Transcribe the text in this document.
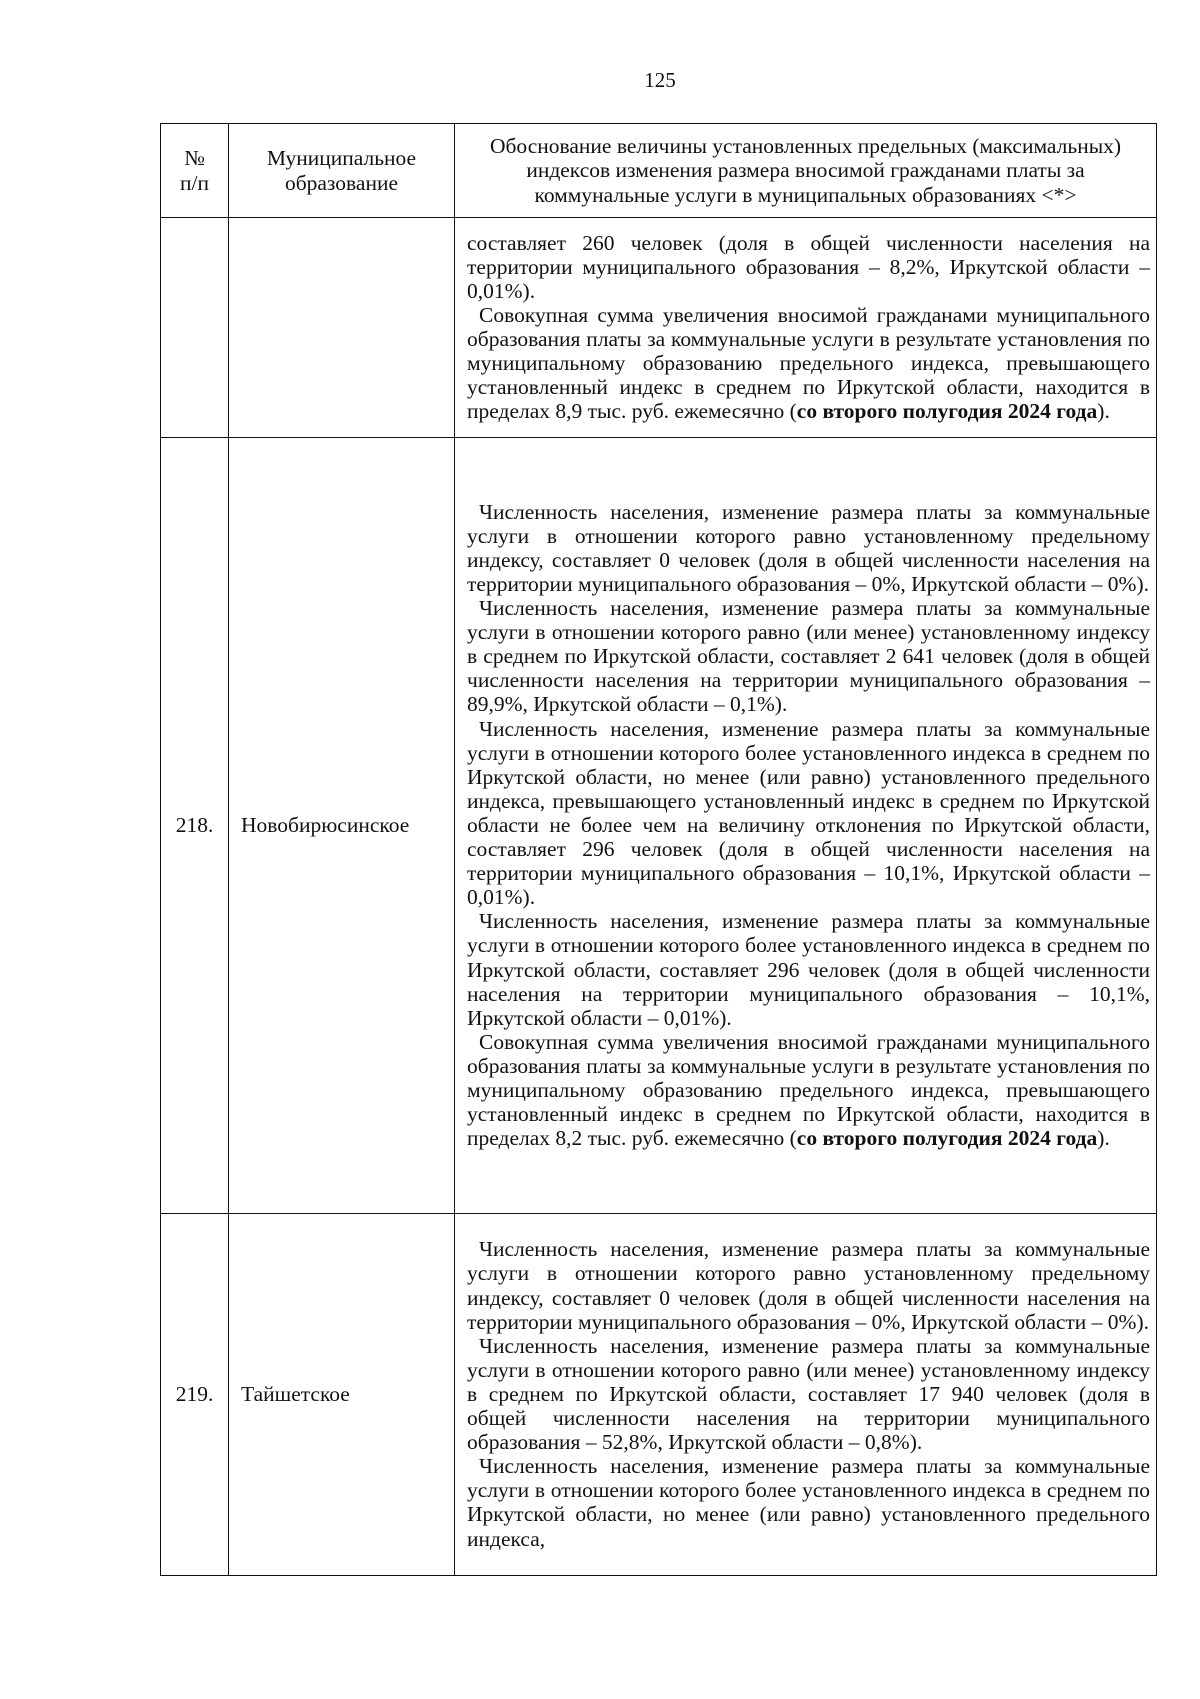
125
№
п/п	Муниципальное образование	Обоснование величины установленных предельных (максимальных) индексов изменения размера вносимой гражданами платы за коммунальные услуги в муниципальных образованиях <*>

		составляет 260 человек (доля в общей численности населения на территории муниципального образования – 8,2%, Иркутской области – 0,01%).

Совокупная сумма увеличения вносимой гражданами муниципального образования платы за коммунальные услуги в результате установления по муниципальному образованию предельного индекса, превышающего установленный индекс в среднем по Иркутской области, находится в пределах 8,9 тыс. руб. ежемесячно (со второго полугодия 2024 года).

218.	Новобирюсинское	Численность населения, изменение размера платы за коммунальные услуги в отношении которого равно установленному предельному индексу, составляет 0 человек (доля в общей численности населения на территории муниципального образования – 0%, Иркутской области – 0%).

Численность населения, изменение размера платы за коммунальные услуги в отношении которого равно (или менее) установленному индексу в среднем по Иркутской области, составляет 2 641 человек (доля в общей численности населения на территории муниципального образования – 89,9%, Иркутской области – 0,1%).

Численность населения, изменение размера платы за коммунальные услуги в отношении которого более установленного индекса в среднем по Иркутской области, но менее (или равно) установленного предельного индекса, превышающего установленный индекс в среднем по Иркутской области не более чем на величину отклонения по Иркутской области, составляет 296 человек (доля в общей численности населения на территории муниципального образования – 10,1%, Иркутской области – 0,01%).

Численность населения, изменение размера платы за коммунальные услуги в отношении которого более установленного индекса в среднем по Иркутской области, составляет 296 человек (доля в общей численности населения на территории муниципального образования – 10,1%, Иркутской области – 0,01%).

Совокупная сумма увеличения вносимой гражданами муниципального образования платы за коммунальные услуги в результате установления по муниципальному образованию предельного индекса, превышающего установленный индекс в среднем по Иркутской области, находится в пределах 8,2 тыс. руб. ежемесячно (со второго полугодия 2024 года).

219.	Тайшетское	Численность населения, изменение размера платы за коммунальные услуги в отношении которого равно установленному предельному индексу, составляет 0 человек (доля в общей численности населения на территории муниципального образования – 0%, Иркутской области – 0%).

Численность населения, изменение размера платы за коммунальные услуги в отношении которого равно (или менее) установленному индексу в среднем по Иркутской области, составляет 17 940 человек (доля в общей численности населения на территории муниципального образования – 52,8%, Иркутской области – 0,8%).

Численность населения, изменение размера платы за коммунальные услуги в отношении которого более установленного индекса в среднем по Иркутской области, но менее (или равно) установленного предельного индекса,
